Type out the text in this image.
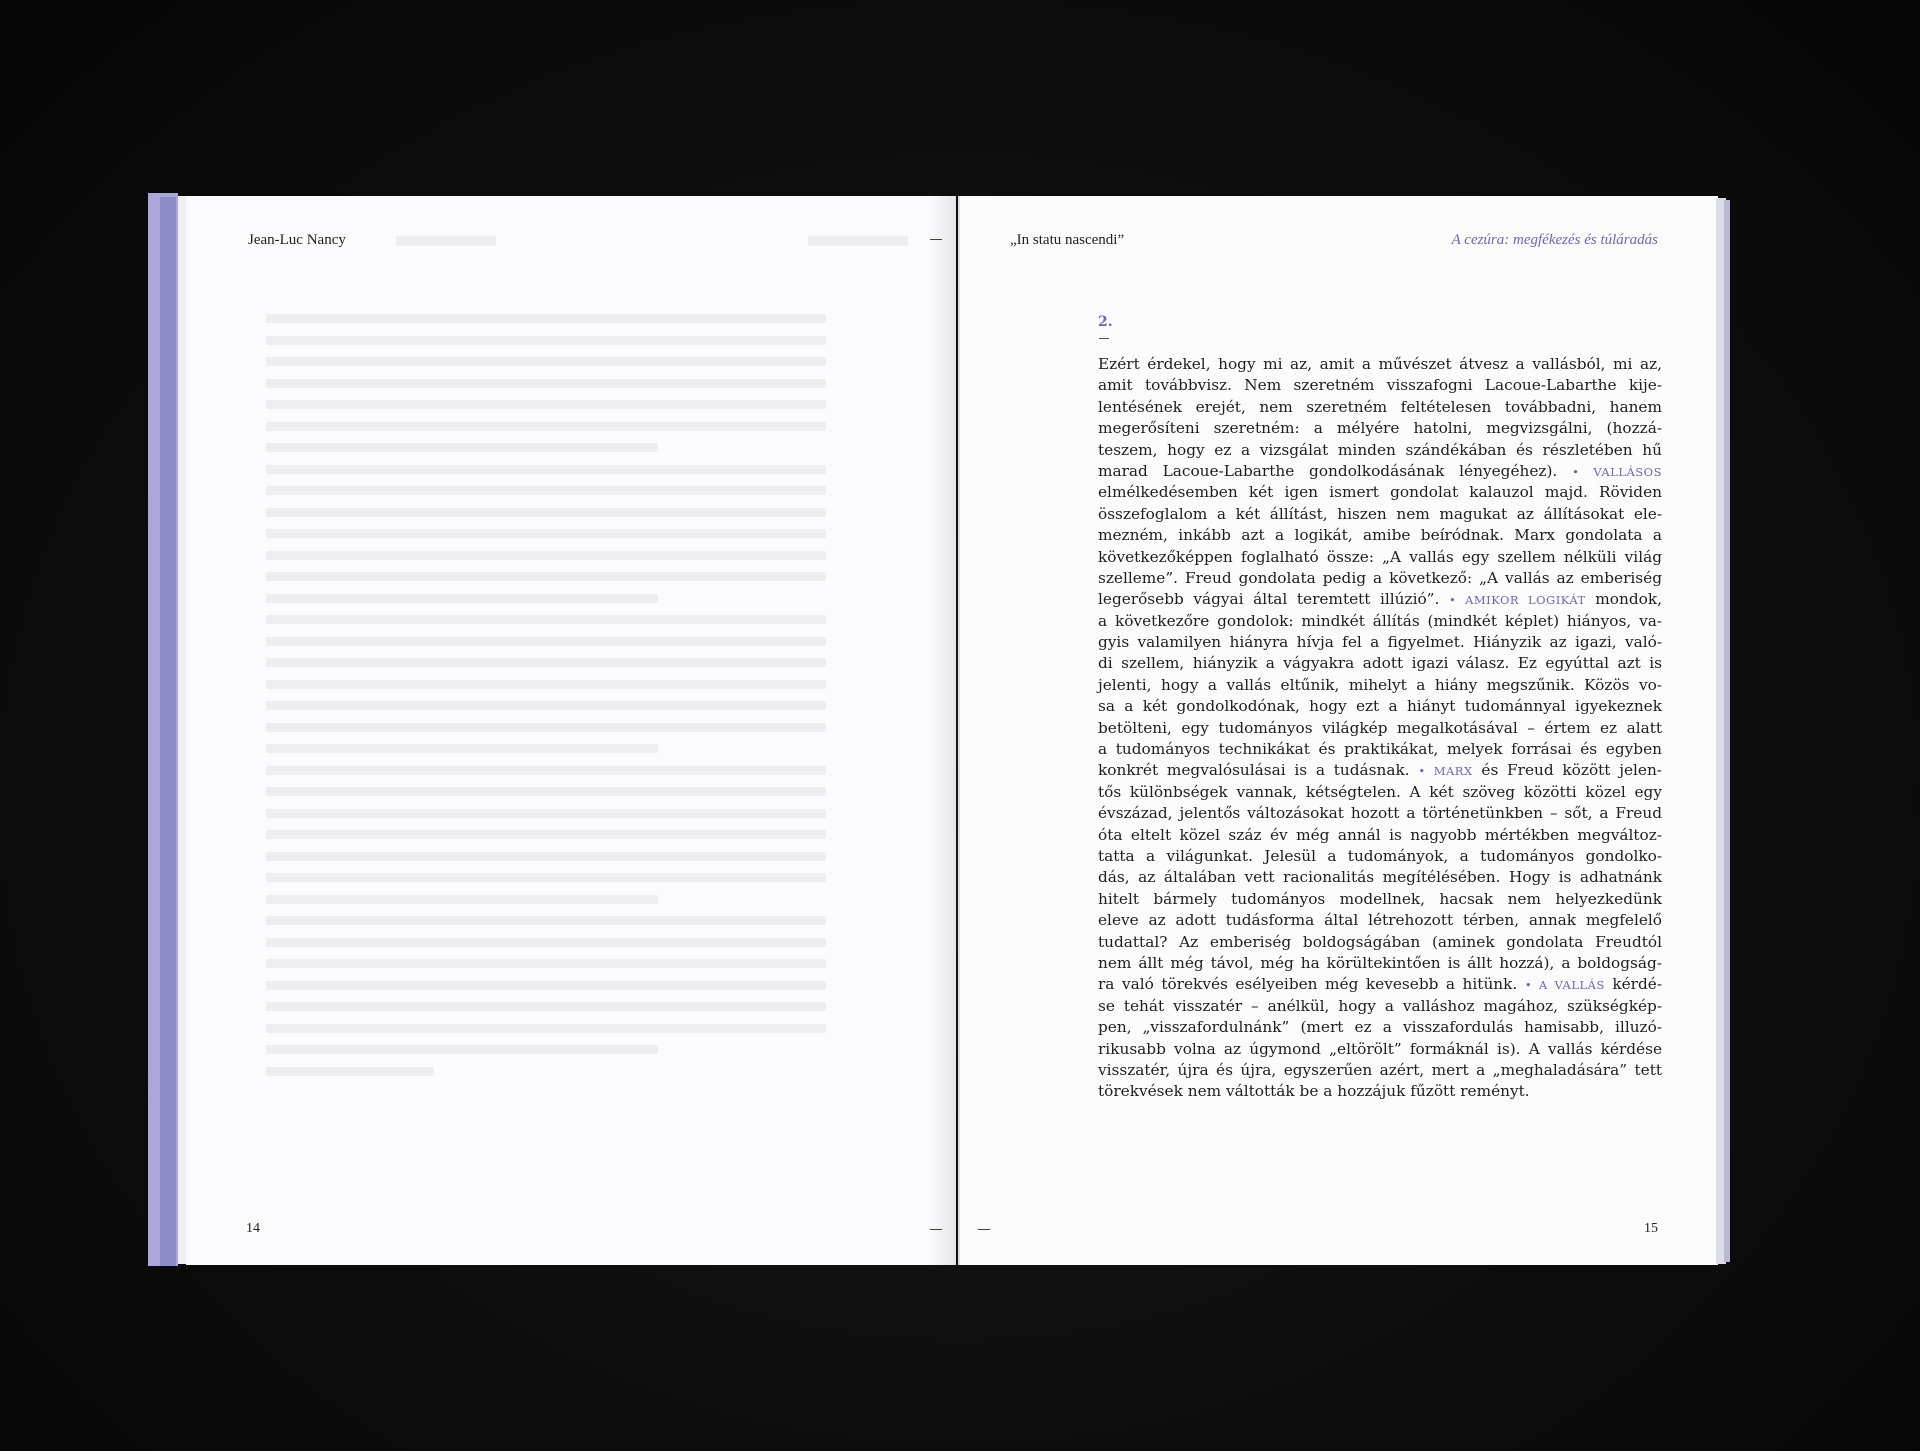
Jean-Luc Nancy
14
„In statu nascendi”	A cezúra: megfékezés és túláradás
2.
Ezért érdekel, hogy mi az, amit a művészet átvesz a vallásból, mi az,
amit továbbvisz. Nem szeretném visszafogni Lacoue-Labarthe kije-
lentésének erejét, nem szeretném feltételesen továbbadni, hanem
megerősíteni szeretném: a mélyére hatolni, megvizsgálni, (hozzá-
teszem, hogy ez a vizsgálat minden szándékában és részletében hű
marad Lacoue-Labarthe gondolkodásának lényegéhez). • VALLÁSOS
elmélkedésemben két igen ismert gondolat kalauzol majd. Röviden
összefoglalom a két állítást, hiszen nem magukat az állításokat ele-
mezném, inkább azt a logikát, amibe beíródnak. Marx gondolata a
következőképpen foglalható össze: „A vallás egy szellem nélküli világ
szelleme”. Freud gondolata pedig a következő: „A vallás az emberiség
legerősebb vágyai által teremtett illúzió”. • AMIKOR LOGIKÁT mondok,
a következőre gondolok: mindkét állítás (mindkét képlet) hiányos, va-
gyis valamilyen hiányra hívja fel a figyelmet. Hiányzik az igazi, való-
di szellem, hiányzik a vágyakra adott igazi válasz. Ez egyúttal azt is
jelenti, hogy a vallás eltűnik, mihelyt a hiány megszűnik. Közös vo-
sa a két gondolkodónak, hogy ezt a hiányt tudománnyal igyekeznek
betölteni, egy tudományos világkép megalkotásával – értem ez alatt
a tudományos technikákat és praktikákat, melyek forrásai és egyben
konkrét megvalósulásai is a tudásnak. • MARX és Freud között jelen-
tős különbségek vannak, kétségtelen. A két szöveg közötti közel egy
évszázad, jelentős változásokat hozott a történetünkben – sőt, a Freud
óta eltelt közel száz év még annál is nagyobb mértékben megváltoz-
tatta a világunkat. Jelesül a tudományok, a tudományos gondolko-
dás, az általában vett racionalitás megítélésében. Hogy is adhatnánk
hitelt bármely tudományos modellnek, hacsak nem helyezkedünk
eleve az adott tudásforma által létrehozott térben, annak megfelelő
tudattal? Az emberiség boldogságában (aminek gondolata Freudtól
nem állt még távol, még ha körültekintően is állt hozzá), a boldogság-
ra való törekvés esélyeiben még kevesebb a hitünk. • A VALLÁS kérdé-
se tehát visszatér – anélkül, hogy a valláshoz magához, szükségkép-
pen, „visszafordulnánk” (mert ez a visszafordulás hamisabb, illuzó-
rikusabb volna az úgymond „eltörölt” formáknál is). A vallás kérdése
visszatér, újra és újra, egyszerűen azért, mert a „meghaladására” tett
törekvések nem váltották be a hozzájuk fűzött reményt.
15
